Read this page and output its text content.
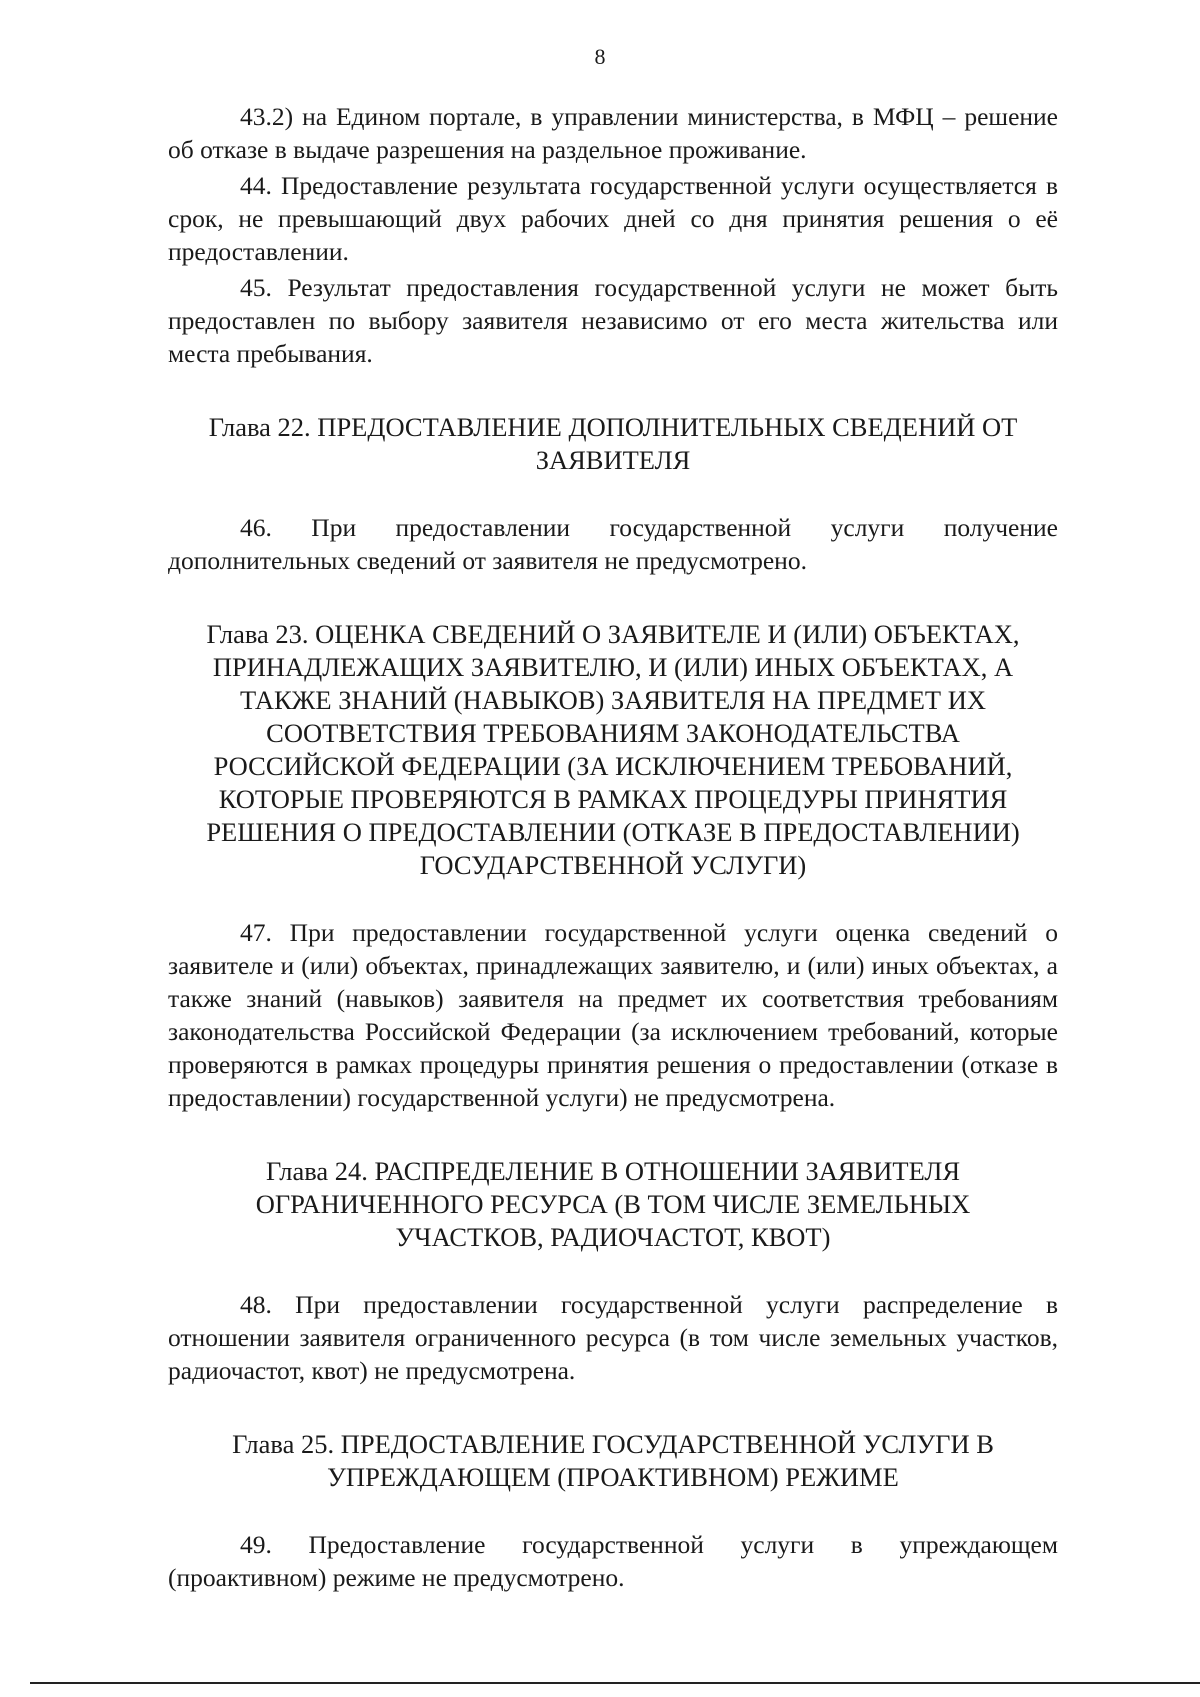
8

43.2) на Едином портале, в управлении министерства, в МФЦ – решение об отказе в выдаче разрешения на раздельное проживание.

44. Предоставление результата государственной услуги осуществляется в срок, не превышающий двух рабочих дней со дня принятия решения о её предоставлении.

45. Результат предоставления государственной услуги не может быть предоставлен по выбору заявителя независимо от его места жительства или места пребывания.

Глава 22. ПРЕДОСТАВЛЕНИЕ ДОПОЛНИТЕЛЬНЫХ СВЕДЕНИЙ ОТ ЗАЯВИТЕЛЯ

46. При предоставлении государственной услуги получение дополнительных сведений от заявителя не предусмотрено.

Глава 23. ОЦЕНКА СВЕДЕНИЙ О ЗАЯВИТЕЛЕ И (ИЛИ) ОБЪЕКТАХ, ПРИНАДЛЕЖАЩИХ ЗАЯВИТЕЛЮ, И (ИЛИ) ИНЫХ ОБЪЕКТАХ, А ТАКЖЕ ЗНАНИЙ (НАВЫКОВ) ЗАЯВИТЕЛЯ НА ПРЕДМЕТ ИХ СООТВЕТСТВИЯ ТРЕБОВАНИЯМ ЗАКОНОДАТЕЛЬСТВА РОССИЙСКОЙ ФЕДЕРАЦИИ (ЗА ИСКЛЮЧЕНИЕМ ТРЕБОВАНИЙ, КОТОРЫЕ ПРОВЕРЯЮТСЯ В РАМКАХ ПРОЦЕДУРЫ ПРИНЯТИЯ РЕШЕНИЯ О ПРЕДОСТАВЛЕНИИ (ОТКАЗЕ В ПРЕДОСТАВЛЕНИИ) ГОСУДАРСТВЕННОЙ УСЛУГИ)

47. При предоставлении государственной услуги оценка сведений о заявителе и (или) объектах, принадлежащих заявителю, и (или) иных объектах, а также знаний (навыков) заявителя на предмет их соответствия требованиям законодательства Российской Федерации (за исключением требований, которые проверяются в рамках процедуры принятия решения о предоставлении (отказе в предоставлении) государственной услуги) не предусмотрена.

Глава 24. РАСПРЕДЕЛЕНИЕ В ОТНОШЕНИИ ЗАЯВИТЕЛЯ ОГРАНИЧЕННОГО РЕСУРСА (В ТОМ ЧИСЛЕ ЗЕМЕЛЬНЫХ УЧАСТКОВ, РАДИОЧАСТОТ, КВОТ)

48. При предоставлении государственной услуги распределение в отношении заявителя ограниченного ресурса (в том числе земельных участков, радиочастот, квот) не предусмотрена.

Глава 25. ПРЕДОСТАВЛЕНИЕ ГОСУДАРСТВЕННОЙ УСЛУГИ В УПРЕЖДАЮЩЕМ (ПРОАКТИВНОМ) РЕЖИМЕ

49. Предоставление государственной услуги в упреждающем (проактивном) режиме не предусмотрено.
